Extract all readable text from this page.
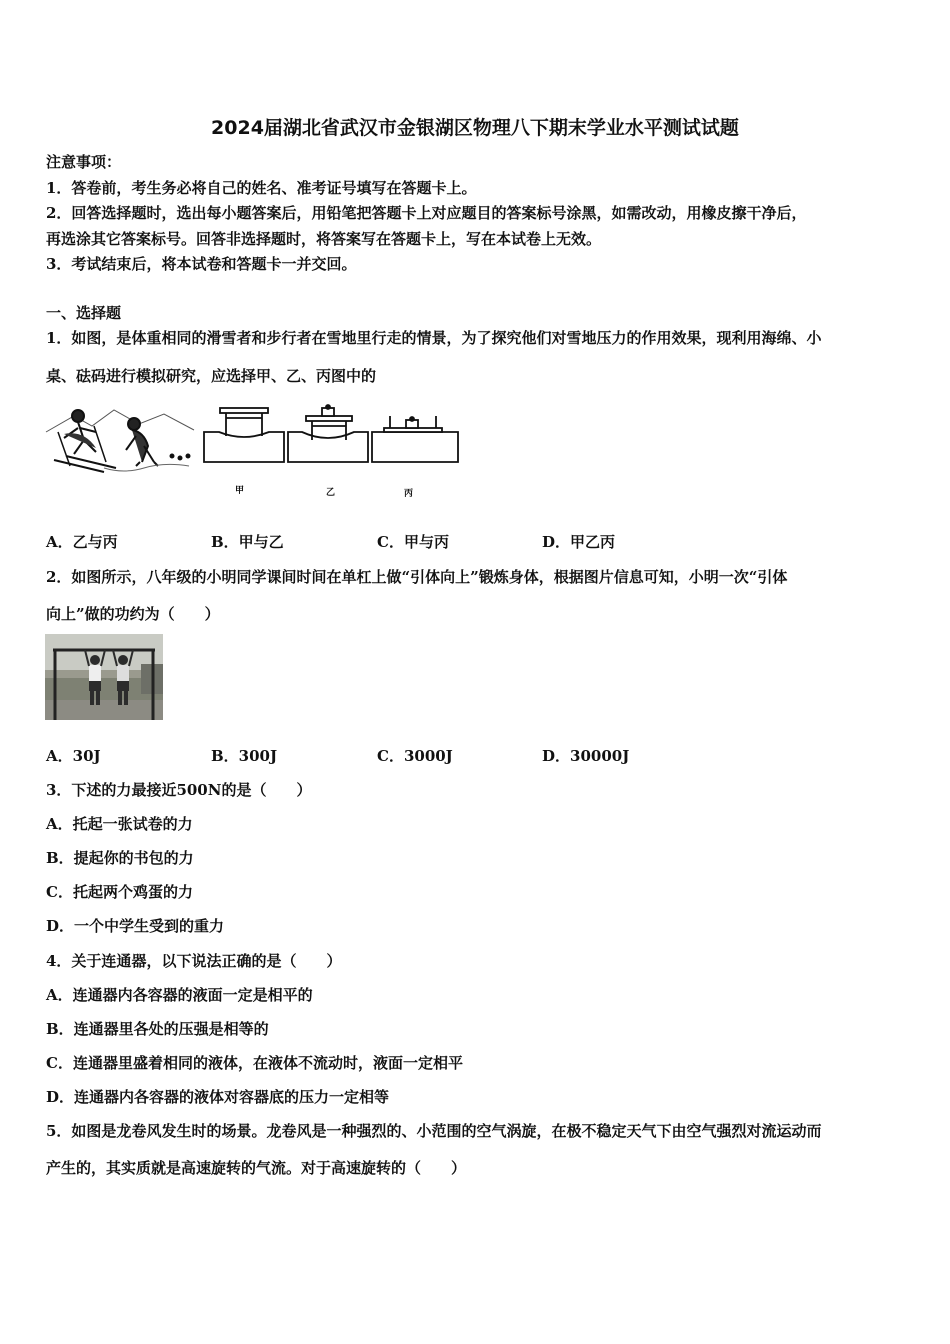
2024届湖北省武汉市金银湖区物理八下期末学业水平测试试题
注意事项：
1．答卷前，考生务必将自己的姓名、准考证号填写在答题卡上。
2．回答选择题时，选出每小题答案后，用铅笔把答题卡上对应题目的答案标号涂黑，如需改动，用橡皮擦干净后，
再选涂其它答案标号。回答非选择题时，将答案写在答题卡上，写在本试卷上无效。
3．考试结束后，将本试卷和答题卡一并交回。
一、选择题
1．如图，是体重相同的滑雪者和步行者在雪地里行走的情景，为了探究他们对雪地压力的作用效果，现利用海绵、小
桌、砝码进行模拟研究，应选择甲、乙、丙图中的
甲	乙	丙
A．乙与丙	B．甲与乙	C．甲与丙	D．甲乙丙
2．如图所示，八年级的小明同学课间时间在单杠上做“引体向上”锻炼身体，根据图片信息可知，小明一次“引体
向上”做的功约为（　　）
A．30J	B．300J	C．3000J	D．30000J
3．下述的力最接近500N的是（　　）
A．托起一张试卷的力
B．提起你的书包的力
C．托起两个鸡蛋的力
D．一个中学生受到的重力
4．关于连通器，以下说法正确的是（　　）
A．连通器内各容器的液面一定是相平的
B．连通器里各处的压强是相等的
C．连通器里盛着相同的液体，在液体不流动时，液面一定相平
D．连通器内各容器的液体对容器底的压力一定相等
5．如图是龙卷风发生时的场景。龙卷风是一种强烈的、小范围的空气涡旋，在极不稳定天气下由空气强烈对流运动而
产生的，其实质就是高速旋转的气流。对于高速旋转的（　　）
